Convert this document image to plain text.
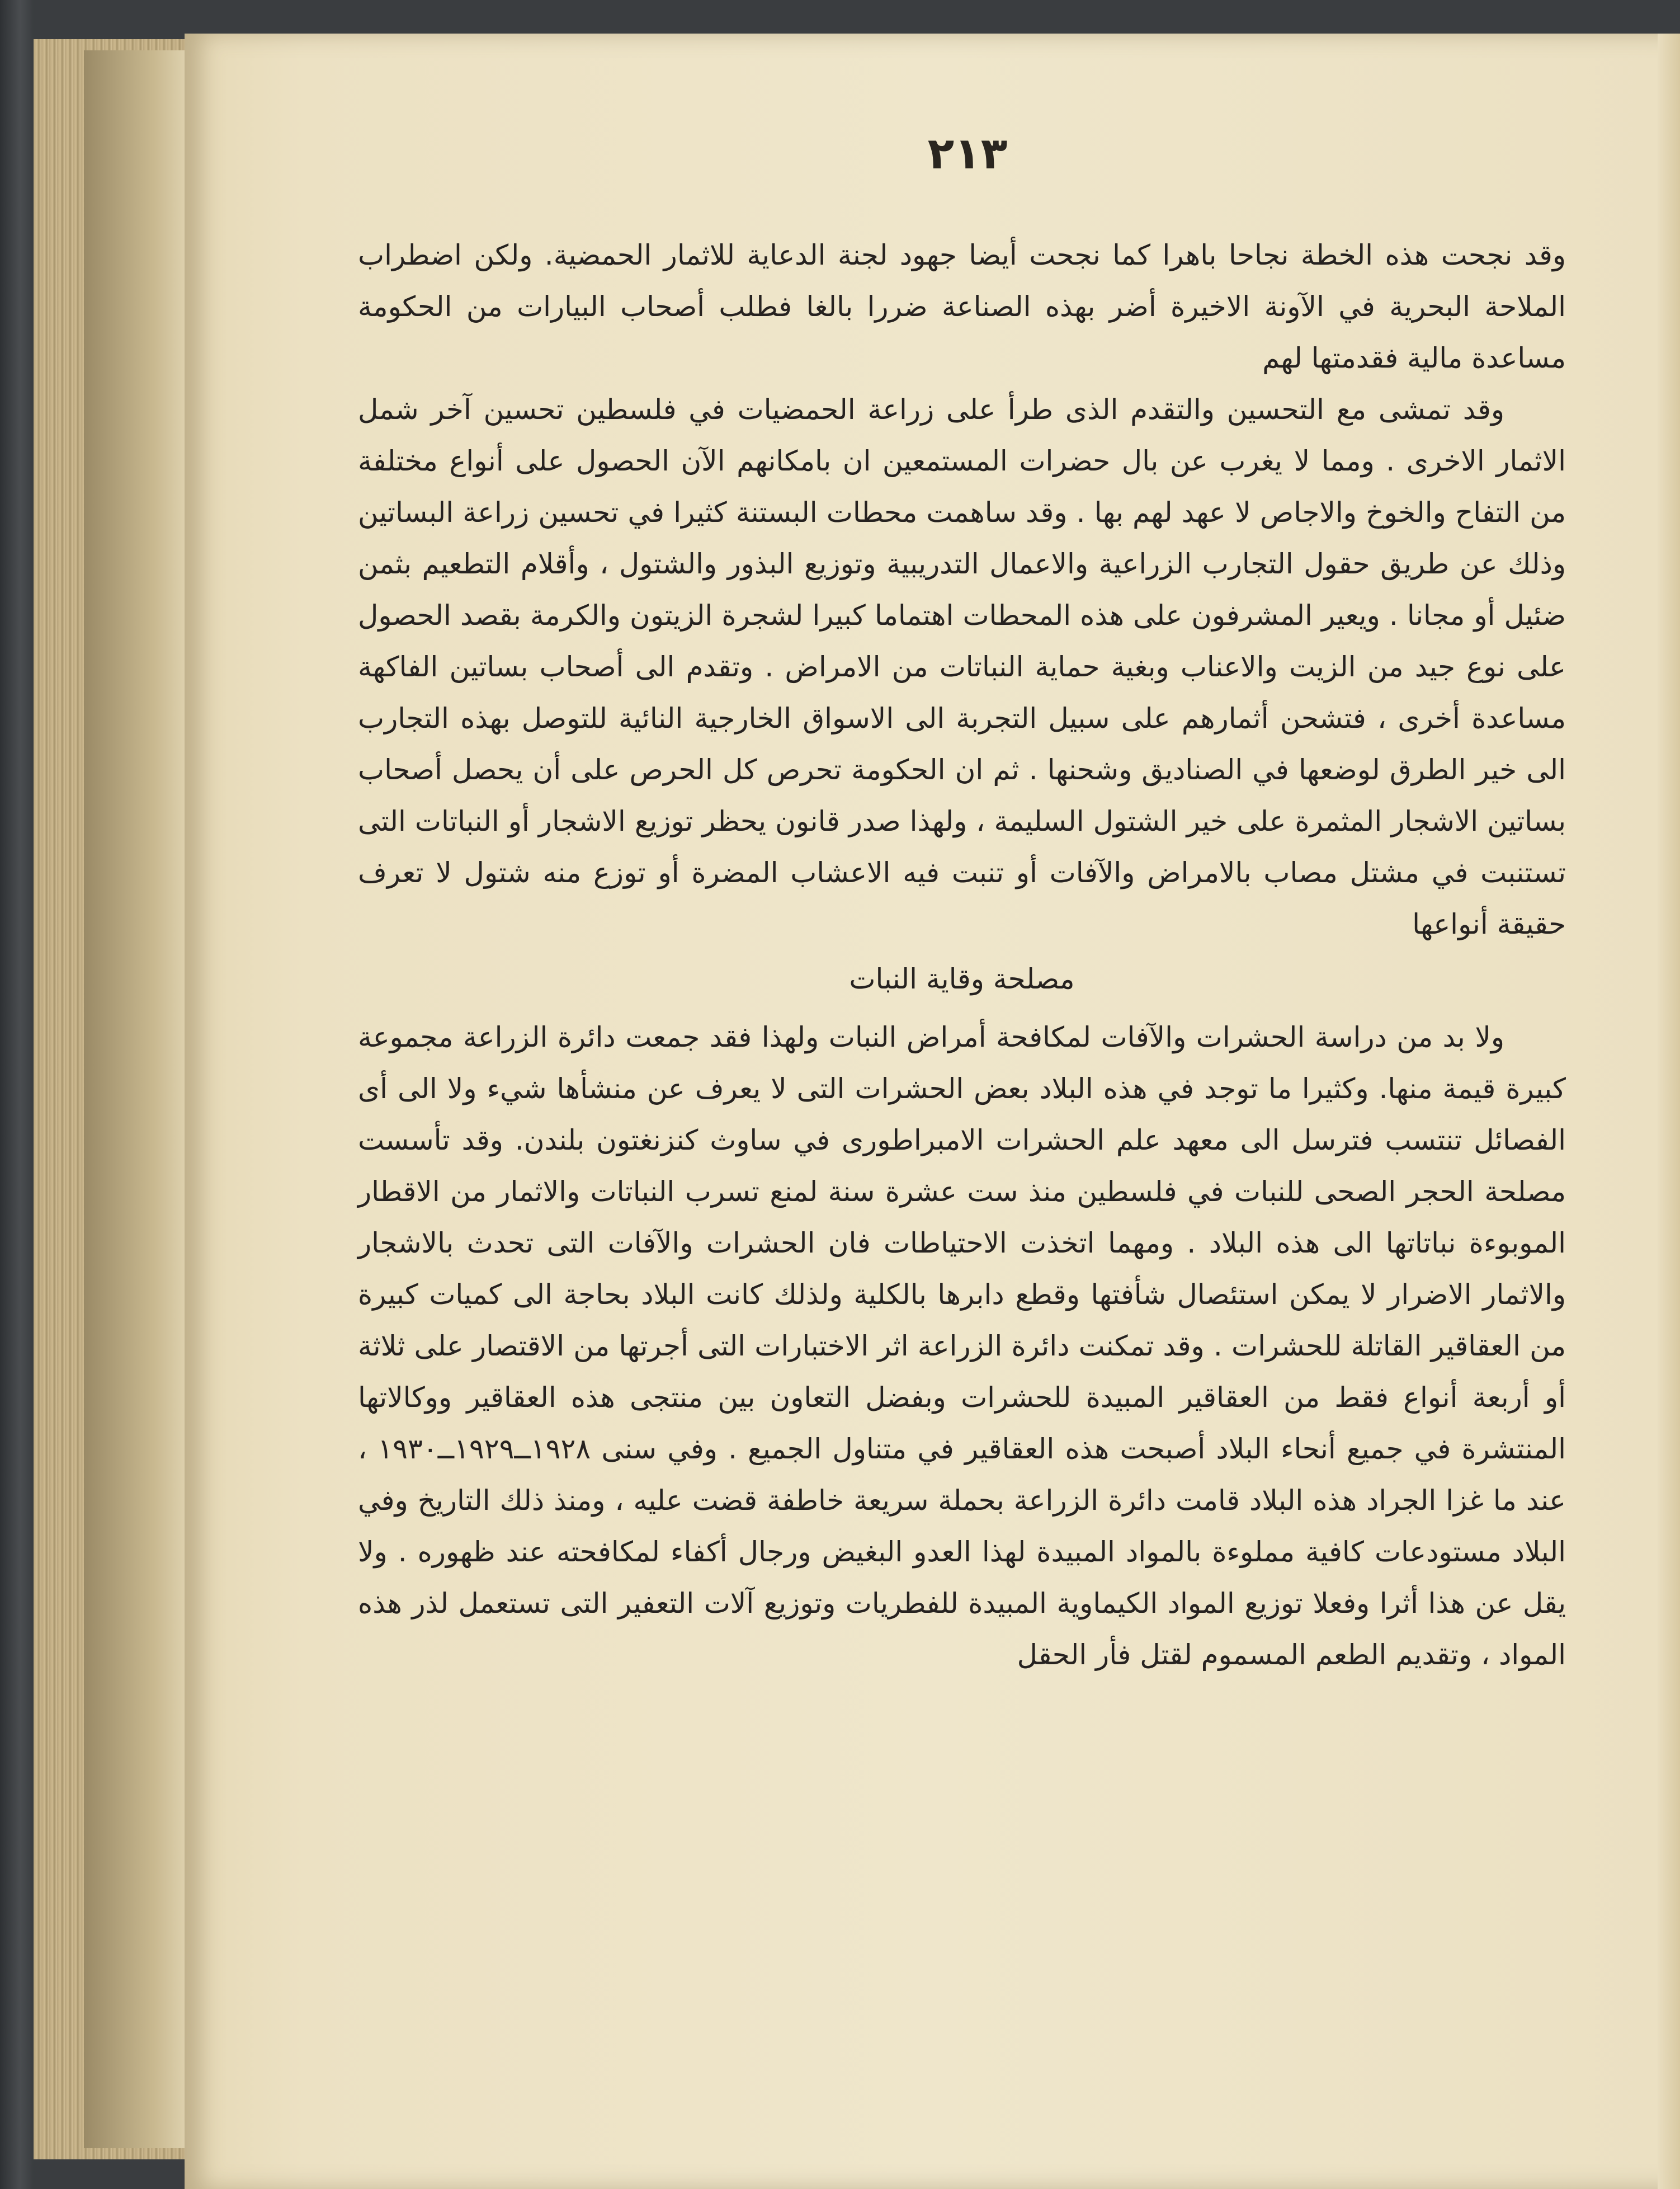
٢١٣

وقد نجحت هذه الخطة نجاحا باهرا كما نجحت أيضا جهود لجنة الدعاية للاثمار الحمضية. ولكن اضطراب الملاحة البحرية في الآونة الاخيرة أضر بهذه الصناعة ضررا بالغا فطلب أصحاب البيارات من الحكومة مساعدة مالية فقدمتها لهم

وقد تمشى مع التحسين والتقدم الذى طرأ على زراعة الحمضيات في فلسطين تحسين آخر شمل الاثمار الاخرى . ومما لا يغرب عن بال حضرات المستمعين ان بامكانهم الآن الحصول على أنواع مختلفة من التفاح والخوخ والاجاص لا عهد لهم بها . وقد ساهمت محطات البستنة كثيرا في تحسين زراعة البساتين وذلك عن طريق حقول التجارب الزراعية والاعمال التدريبية وتوزيع البذور والشتول ، وأقلام التطعيم بثمن ضئيل أو مجانا . ويعير المشرفون على هذه المحطات اهتماما كبيرا لشجرة الزيتون والكرمة بقصد الحصول على نوع جيد من الزيت والاعناب وبغية حماية النباتات من الامراض . وتقدم الى أصحاب بساتين الفاكهة مساعدة أخرى ، فتشحن أثمارهم على سبيل التجربة الى الاسواق الخارجية النائية للتوصل بهذه التجارب الى خير الطرق لوضعها في الصناديق وشحنها . ثم ان الحكومة تحرص كل الحرص على أن يحصل أصحاب بساتين الاشجار المثمرة على خير الشتول السليمة ، ولهذا صدر قانون يحظر توزيع الاشجار أو النباتات التى تستنبت في مشتل مصاب بالامراض والآفات أو تنبت فيه الاعشاب المضرة أو توزع منه شتول لا تعرف حقيقة أنواعها

مصلحة وقاية النبات

ولا بد من دراسة الحشرات والآفات لمكافحة أمراض النبات ولهذا فقد جمعت دائرة الزراعة مجموعة كبيرة قيمة منها. وكثيرا ما توجد في هذه البلاد بعض الحشرات التى لا يعرف عن منشأها شيء ولا الى أى الفصائل تنتسب فترسل الى معهد علم الحشرات الامبراطورى في ساوث كنزنغتون بلندن. وقد تأسست مصلحة الحجر الصحى للنبات في فلسطين منذ ست عشرة سنة لمنع تسرب النباتات والاثمار من الاقطار الموبوءة نباتاتها الى هذه البلاد . ومهما اتخذت الاحتياطات فان الحشرات والآفات التى تحدث بالاشجار والاثمار الاضرار لا يمكن استئصال شأفتها وقطع دابرها بالكلية ولذلك كانت البلاد بحاجة الى كميات كبيرة من العقاقير القاتلة للحشرات . وقد تمكنت دائرة الزراعة اثر الاختبارات التى أجرتها من الاقتصار على ثلاثة أو أربعة أنواع فقط من العقاقير المبيدة للحشرات وبفضل التعاون بين منتجى هذه العقاقير ووكالاتها المنتشرة في جميع أنحاء البلاد أصبحت هذه العقاقير في متناول الجميع . وفي سنى ١٩٢٨ــ١٩٢٩ــ١٩٣٠ ، عند ما غزا الجراد هذه البلاد قامت دائرة الزراعة بحملة سريعة خاطفة قضت عليه ، ومنذ ذلك التاريخ وفي البلاد مستودعات كافية مملوءة بالمواد المبيدة لهذا العدو البغيض ورجال أكفاء لمكافحته عند ظهوره . ولا يقل عن هذا أثرا وفعلا توزيع المواد الكيماوية المبيدة للفطريات وتوزيع آلات التعفير التى تستعمل لذر هذه المواد ، وتقديم الطعم المسموم لقتل فأر الحقل
